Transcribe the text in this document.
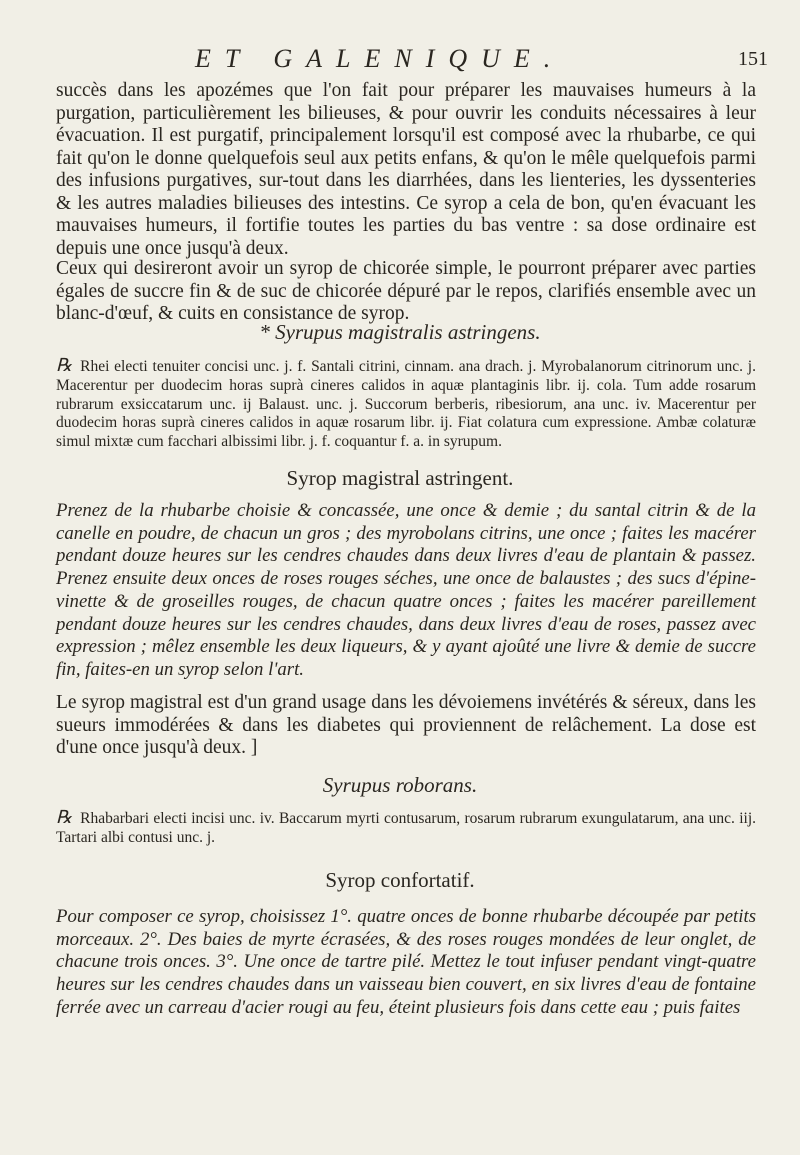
ET GALENIQUE.	151

succès dans les apozémes que l'on fait pour préparer les mauvaises humeurs à la purgation, particulièrement les bilieuses, & pour ouvrir les conduits nécessaires à leur évacuation. Il est purgatif, principalement lorsqu'il est composé avec la rhubarbe, ce qui fait qu'on le donne quelquefois seul aux petits enfans, & qu'on le mêle quelquefois parmi des infusions purgatives, sur-tout dans les diarrhées, dans les lienteries, les dyssenteries & les autres maladies bilieuses des intestins. Ce syrop a cela de bon, qu'en évacuant les mauvaises humeurs, il fortifie toutes les parties du bas ventre : sa dose ordinaire est depuis une once jusqu'à deux.

Ceux qui desireront avoir un syrop de chicorée simple, le pourront préparer avec parties égales de succre fin & de suc de chicorée dépuré par le repos, clarifiés ensemble avec un blanc-d'œuf, & cuits en consistance de syrop.

* Syrupus magistralis astringens.

℞ Rhei electi tenuiter concisi unc. j. f. Santali citrini, cinnam. ana drach. j. Myrobalanorum citrinorum unc. j. Macerentur per duodecim horas suprà cineres calidos in aquæ plantaginis libr. ij. cola. Tum adde rosarum rubrarum exsiccatarum unc. ij Balaust. unc. j. Succorum berberis, ribesiorum, ana unc. iv. Macerentur per duodecim horas suprà cineres calidos in aquæ rosarum libr. ij. Fiat colatura cum expressione. Ambæ colaturæ simul mixtæ cum facchari albissimi libr. j. f. coquantur f. a. in syrupum.

Syrop magistral astringent.

Prenez de la rhubarbe choisie & concassée, une once & demie ; du santal citrin & de la canelle en poudre, de chacun un gros ; des myrobolans citrins, une once ; faites les macérer pendant douze heures sur les cendres chaudes dans deux livres d'eau de plantain & passez. Prenez ensuite deux onces de roses rouges séches, une once de balaustes ; des sucs d'épine-vinette & de groseilles rouges, de chacun quatre onces ; faites les macérer pareillement pendant douze heures sur les cendres chaudes, dans deux livres d'eau de roses, passez avec expression ; mêlez ensemble les deux liqueurs, & y ayant ajoûté une livre & demie de succre fin, faites-en un syrop selon l'art.

Le syrop magistral est d'un grand usage dans les dévoiemens invétérés & séreux, dans les sueurs immodérées & dans les diabetes qui proviennent de relâchement. La dose est d'une once jusqu'à deux. ]

Syrupus roborans.

℞ Rhabarbari electi incisi unc. iv. Baccarum myrti contusarum, rosarum rubrarum exungulatarum, ana unc. iij. Tartari albi contusi unc. j.

Syrop confortatif.

Pour composer ce syrop, choisissez 1°. quatre onces de bonne rhubarbe découpée par petits morceaux. 2°. Des baies de myrte écrasées, & des roses rouges mondées de leur onglet, de chacune trois onces. 3°. Une once de tartre pilé. Mettez le tout infuser pendant vingt-quatre heures sur les cendres chaudes dans un vaisseau bien couvert, en six livres d'eau de fontaine ferrée avec un carreau d'acier rougi au feu, éteint plusieurs fois dans cette eau ; puis faites
